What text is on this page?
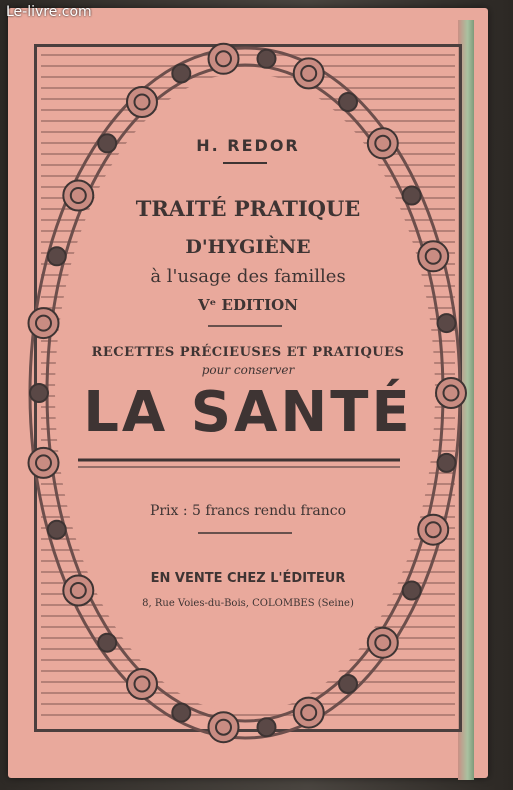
H. REDOR
TRAITÉ PRATIQUE
D'HYGIÈNE
à l'usage des familles
Vᵉ EDITION
RECETTES PRÉCIEUSES ET PRATIQUES
pour conserver
LA SANTÉ
Prix : 5 francs rendu franco
EN VENTE CHEZ L'ÉDITEUR
8, Rue Voies-du-Bois, COLOMBES (Seine)
Le-livre.com
